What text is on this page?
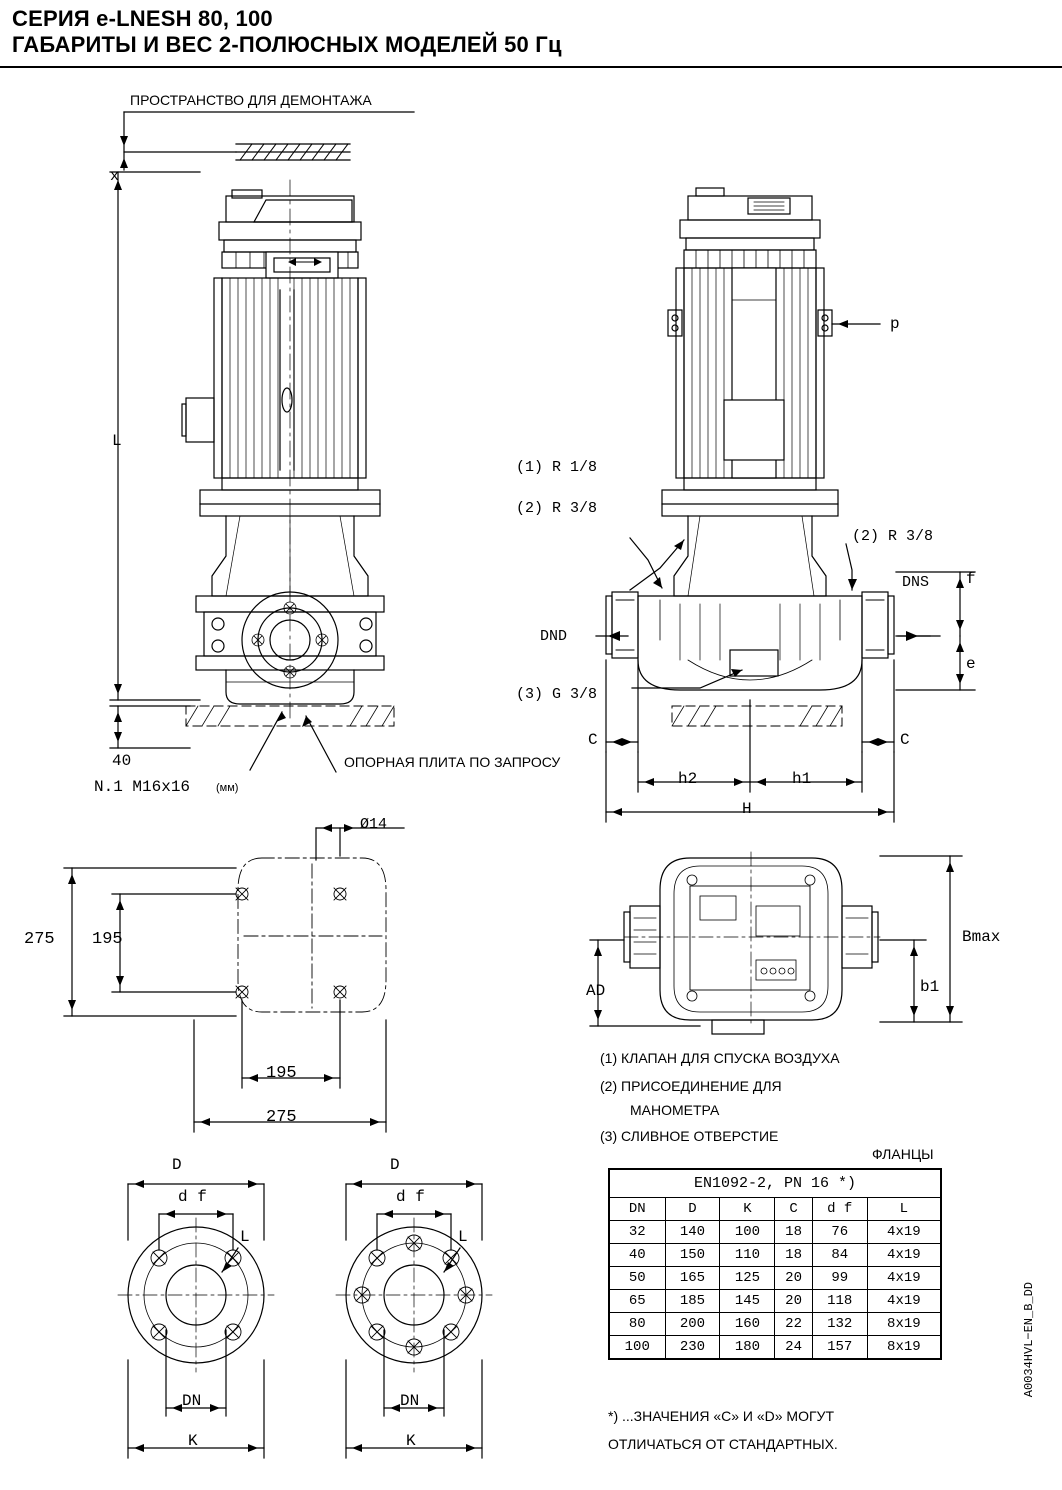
СЕРИЯ e-LNESH 80, 100
ГАБАРИТЫ И ВЕС 2-ПОЛЮСНЫХ МОДЕЛЕЙ 50 Гц
ПРОСТРАНСТВО ДЛЯ ДЕМОНТАЖА
x
L
40
N.1 M16x16 (мм)
ОПОРНАЯ ПЛИТА ПО ЗАПРОСУ
p
(1) R 1/8
(2) R 3/8
(2) R 3/8
(3) G 3/8
DND
DNS f
e
C	C
h2	h1
H
Ø14
275 195
195
275
AD
Bmax
b1
(1) КЛАПАН ДЛЯ СПУСКА ВОЗДУХА
(2) ПРИСОЕДИНЕНИЕ ДЛЯ
МАНОМЕТРА
(3) СЛИВНОЕ ОТВЕРСТИЕ
ФЛАНЦЫ
D
d f
L
DN
K
D
d f
L
DN
K
EN1092-2, PN 16 *)					
DN	D	K	C	d f	L
32	140	100	18	76	4x19
40	150	110	18	84	4x19
50	165	125	20	99	4x19
65	185	145	20	118	4x19
80	200	160	22	132	8x19
100	230	180	24	157	8x19
*) ...ЗНАЧЕНИЯ «C» И «D» МОГУТ
ОТЛИЧАТЬСЯ ОТ СТАНДАРТНЫХ.
A0034HVL−EN_B_DD
